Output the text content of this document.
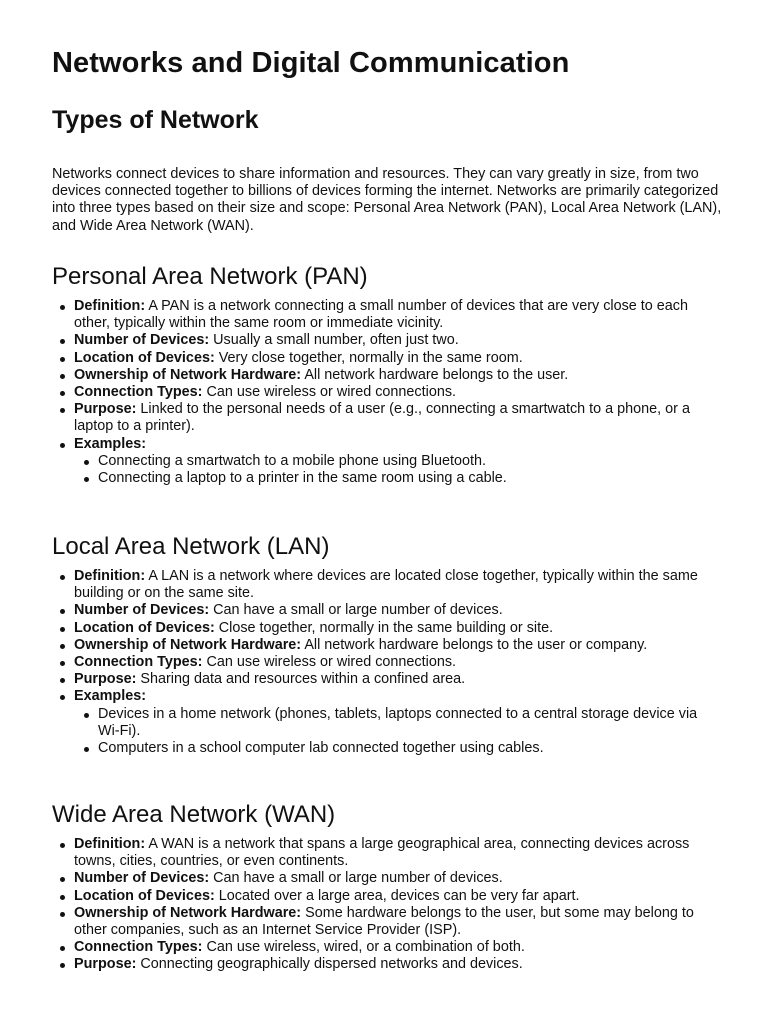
Networks and Digital Communication
Types of Network

Networks connect devices to share information and resources. They can vary greatly in size, from two devices connected together to billions of devices forming the internet. Networks are primarily categorized into three types based on their size and scope: Personal Area Network (PAN), Local Area Network (LAN), and Wide Area Network (WAN).

Personal Area Network (PAN)
Definition: A PAN is a network connecting a small number of devices that are very close to each other, typically within the same room or immediate vicinity.
Number of Devices: Usually a small number, often just two.
Location of Devices: Very close together, normally in the same room.
Ownership of Network Hardware: All network hardware belongs to the user.
Connection Types: Can use wireless or wired connections.
Purpose: Linked to the personal needs of a user (e.g., connecting a smartwatch to a phone, or a laptop to a printer).
Examples:
Connecting a smartwatch to a mobile phone using Bluetooth.
Connecting a laptop to a printer in the same room using a cable.
Local Area Network (LAN)
Definition: A LAN is a network where devices are located close together, typically within the same building or on the same site.
Number of Devices: Can have a small or large number of devices.
Location of Devices: Close together, normally in the same building or site.
Ownership of Network Hardware: All network hardware belongs to the user or company.
Connection Types: Can use wireless or wired connections.
Purpose: Sharing data and resources within a confined area.
Examples:
Devices in a home network (phones, tablets, laptops connected to a central storage device via Wi-Fi).
Computers in a school computer lab connected together using cables.
Wide Area Network (WAN)
Definition: A WAN is a network that spans a large geographical area, connecting devices across towns, cities, countries, or even continents.
Number of Devices: Can have a small or large number of devices.
Location of Devices: Located over a large area, devices can be very far apart.
Ownership of Network Hardware: Some hardware belongs to the user, but some may belong to other companies, such as an Internet Service Provider (ISP).
Connection Types: Can use wireless, wired, or a combination of both.
Purpose: Connecting geographically dispersed networks and devices.
